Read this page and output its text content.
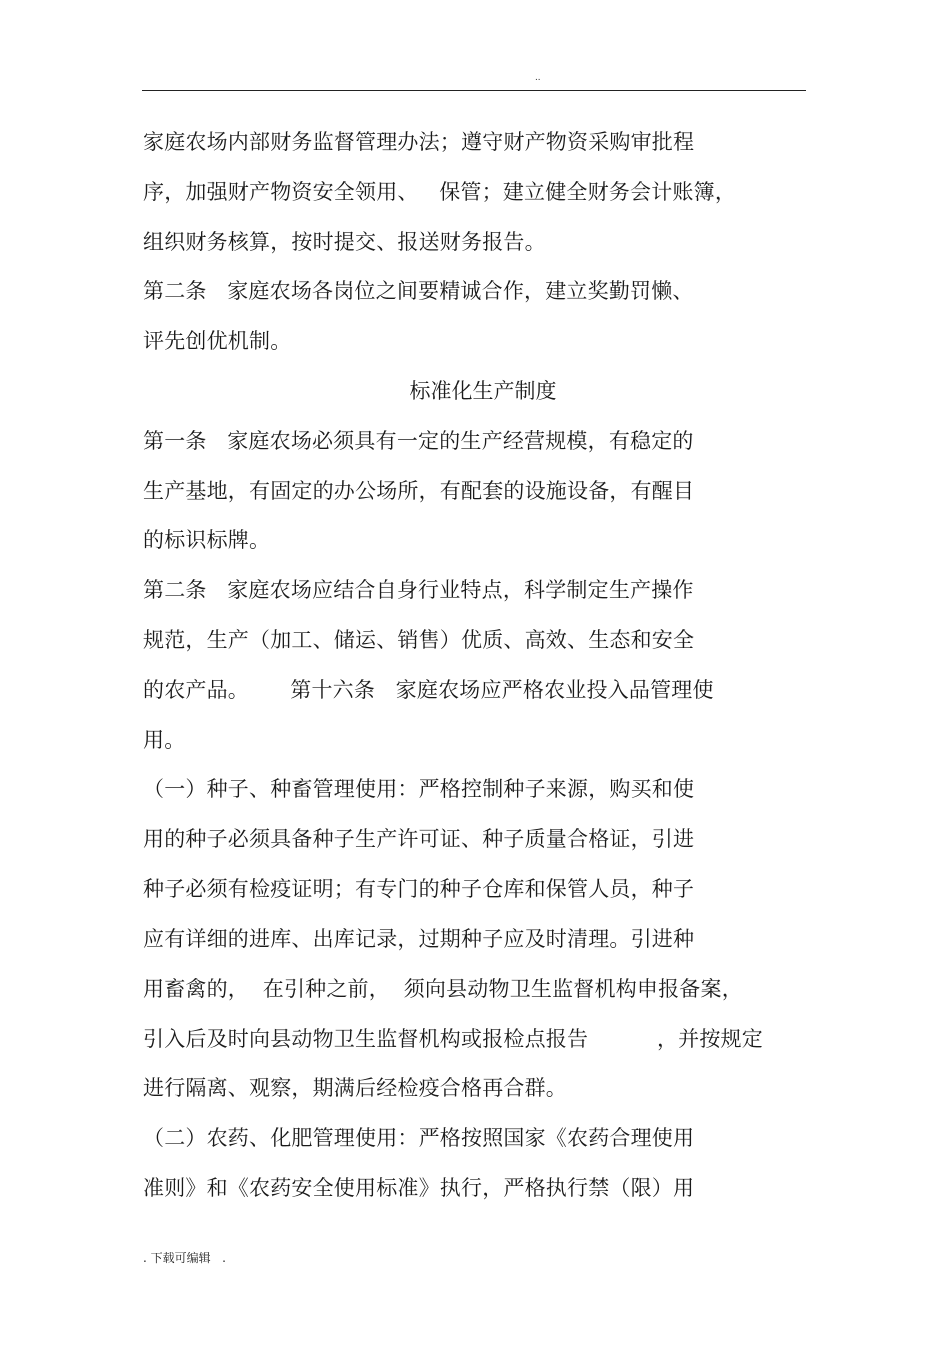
..
家庭农场内部财务监督管理办法；遵守财产物资采购审批程
序，加强财产物资安全领用、   保管；建立健全财务会计账簿，
组织财务核算，按时提交、报送财务报告。
第二条   家庭农场各岗位之间要精诚合作，建立奖勤罚懒、
评先创优机制。
标准化生产制度
第一条   家庭农场必须具有一定的生产经营规模，有稳定的
生产基地，有固定的办公场所，有配套的设施设备，有醒目
的标识标牌。
第二条   家庭农场应结合自身行业特点，科学制定生产操作
规范，生产（加工、储运、销售）优质、高效、生态和安全
的农产品。      第十六条   家庭农场应严格农业投入品管理使
用。
（一）种子、种畜管理使用：严格控制种子来源，购买和使
用的种子必须具备种子生产许可证、种子质量合格证，引进
种子必须有检疫证明；有专门的种子仓库和保管人员，种子
应有详细的进库、出库记录，过期种子应及时清理。引进种
用畜禽的，  在引种之前，  须向县动物卫生监督机构申报备案，
引入后及时向县动物卫生监督机构或报检点报告          ，并按规定
进行隔离、观察，期满后经检疫合格再合群。
（二）农药、化肥管理使用：严格按照国家《农药合理使用
准则》和《农药安全使用标准》执行，严格执行禁（限）用
. 下载可编辑   .
